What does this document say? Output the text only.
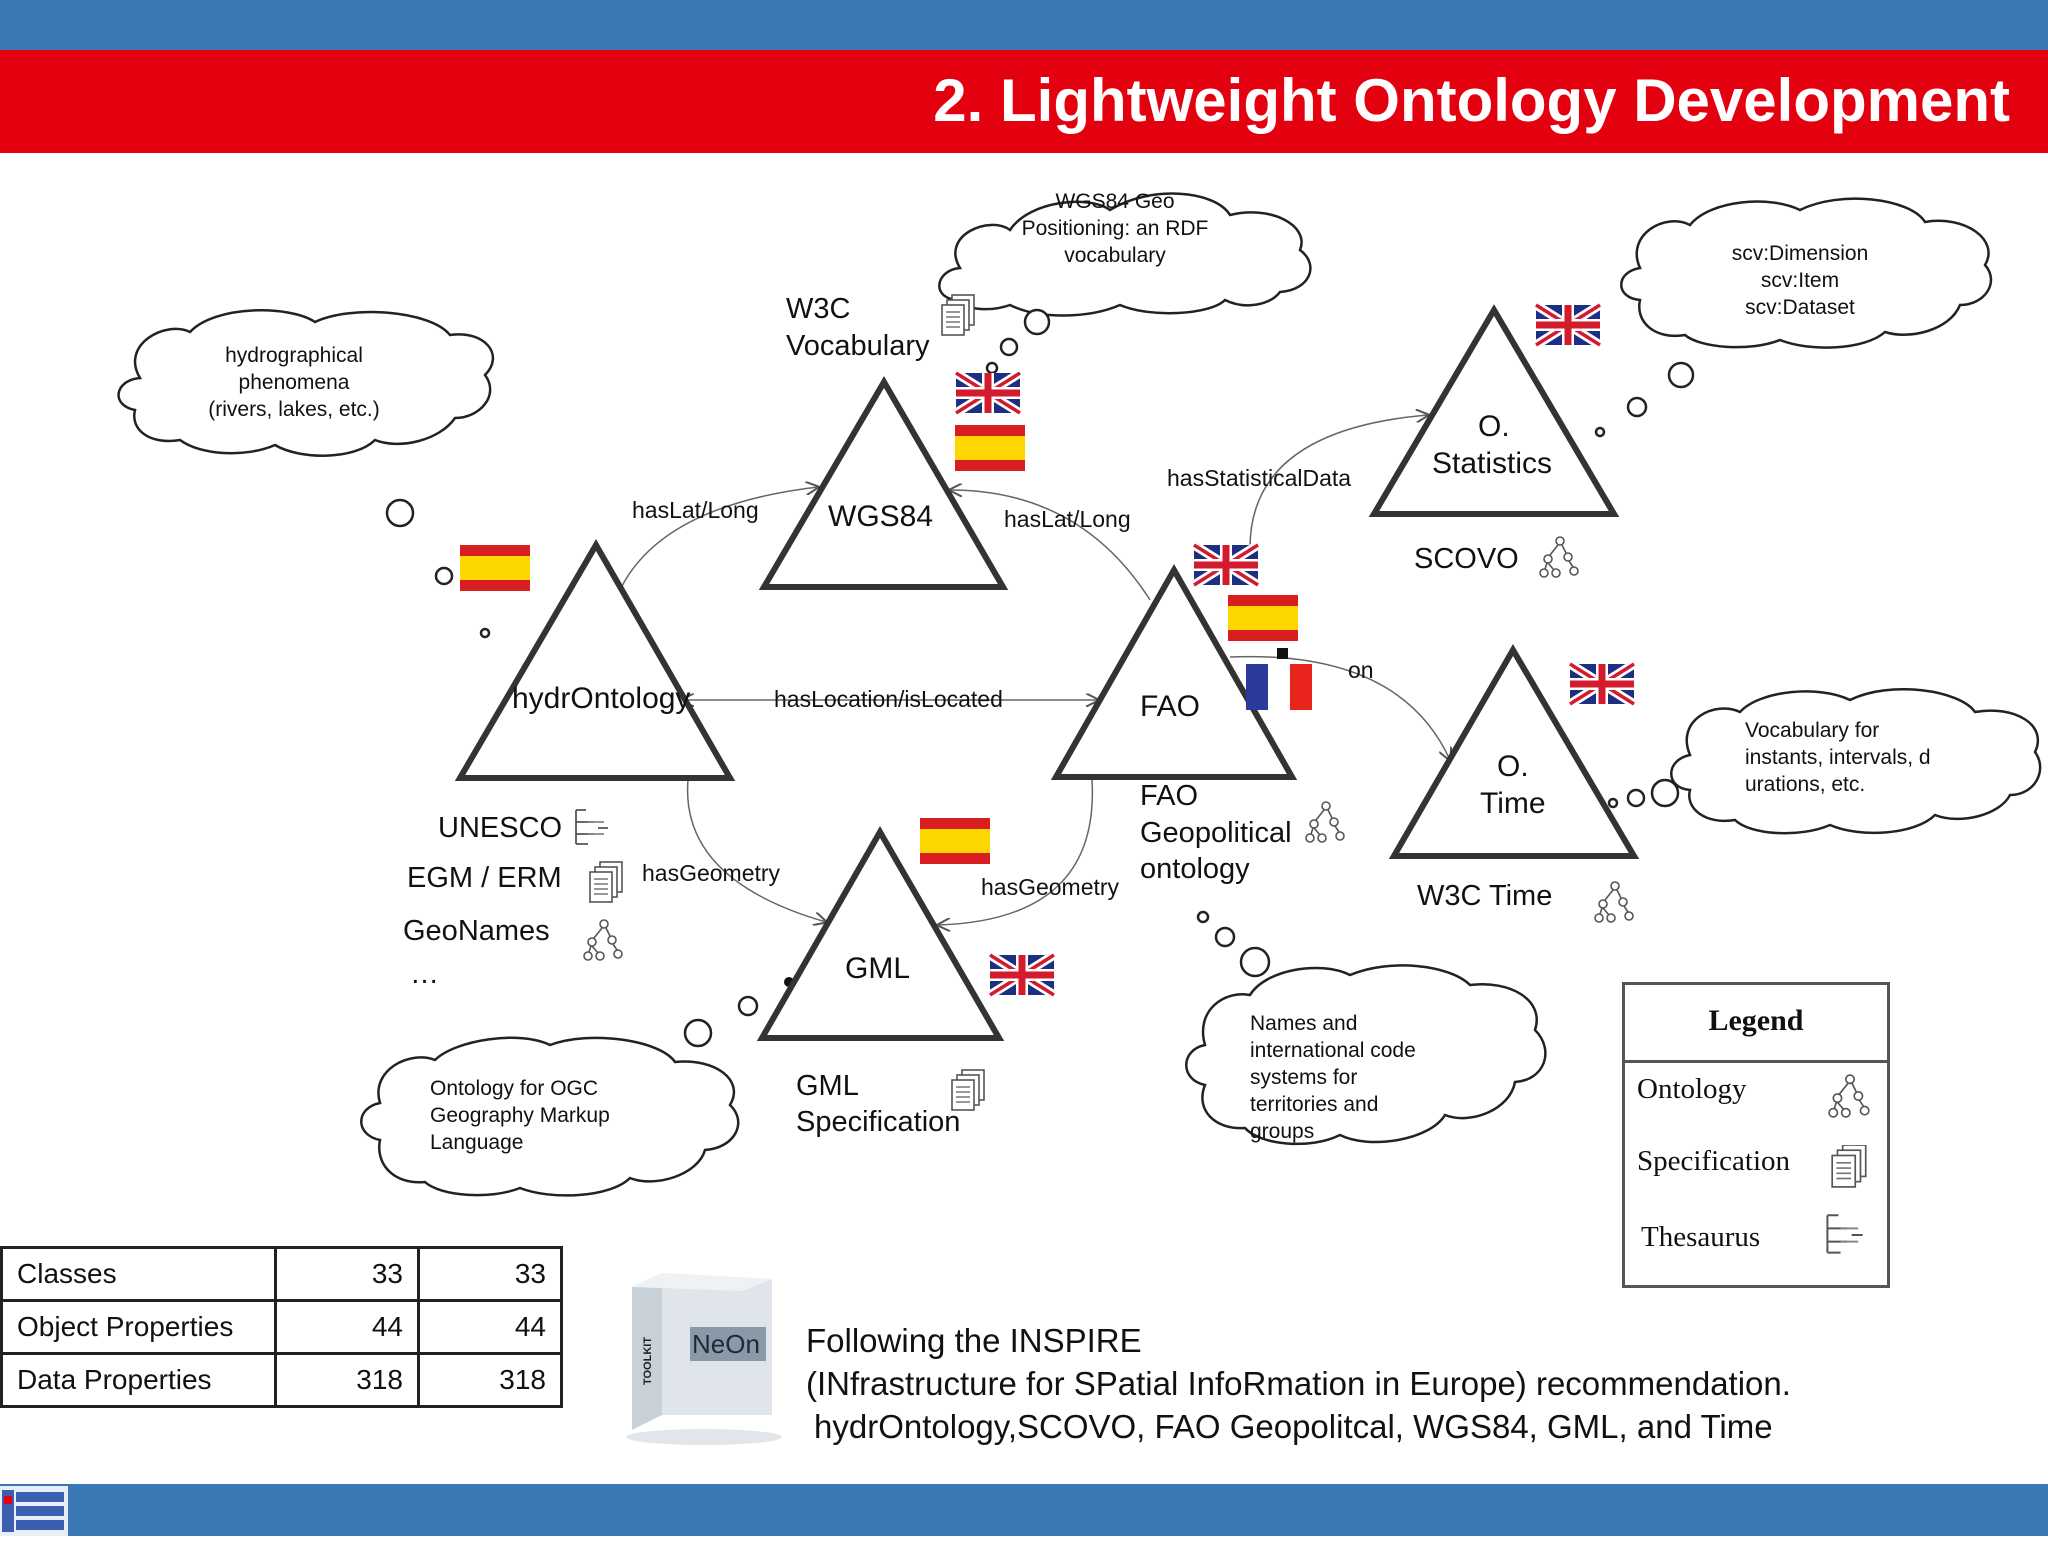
2. Lightweight Ontology Development
hydrOntology
WGS84
FAO
GML
O.
Statistics
O.
Time
hasLat/Long	hasLat/Long
hasLocation/isLocated
hasGeometry
hasGeometry
hasStatisticalData
on
W3C
Vocabulary
UNESCO
EGM / ERM
GeoNames
…
FAO
Geopolitical
ontology
SCOVO
W3C Time
GML
Specification
WGS84 Geo
Positioning: an RDF
vocabulary
hydrographical
phenomena
(rivers, lakes, etc.)
scv:Dimension
scv:Item
scv:Dataset
Vocabulary for
instants, intervals, d
urations, etc.
Names and
international code
systems for
territories and
groups
Ontology for OGC
Geography Markup
Language
Classes	33	33
Object Properties	44	44
Data Properties	318	318
Legend
Ontology
Specification
Thesaurus
NeOn
TOOLKIT	Following the INSPIRE
(INfrastructure for SPatial InfoRmation in Europe) recommendation.
hydrOntology,SCOVO, FAO Geopolitcal, WGS84, GML, and Time
